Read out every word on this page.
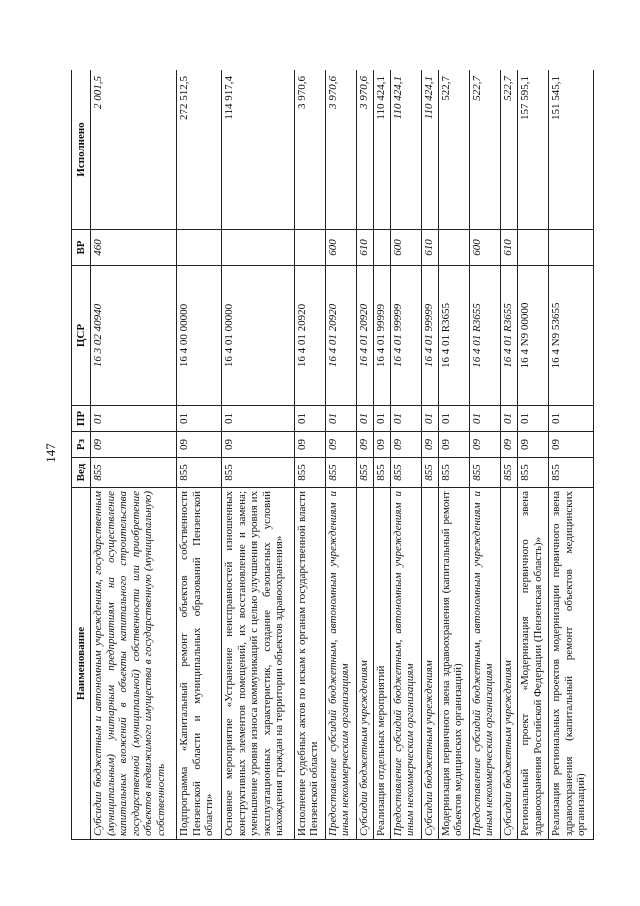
147
Наименование	Вед	Рз	ПР	ЦСР	ВР	Исполнено
Субсидии бюджетным и автономным учреждениям, государственным (муниципальным) унитарным предприятиям на осуществление капитальных вложений в объекты капитального строительства государственной (муниципальной) собственности или приобретение объектов недвижимого имущества в государственную (муниципальную) собственность	855	09	01	16 3 02 40940	460	2 001,5
Подпрограмма «Капитальный ремонт объектов собственности Пензенской области и муниципальных образований Пензенской области»	855	09	01	16 4 00 00000		272 512,5
Основное мероприятие «Устранение неисправностей изношенных конструктивных элементов помещений, их восстановление и замена; уменьшение уровня износа коммуникаций с целью улучшения уровня их эксплуатационных характеристик, создание безопасных условий нахождения граждан на территории объектов здравоохранения»	855	09	01	16 4 01 00000		114 917,4
Исполнение судебных актов по искам к органам государственной власти Пензенской области	855	09	01	16 4 01 20920		3 970,6
Предоставление субсидий бюджетным, автономным учреждениям и иным некоммерческим организациям	855	09	01	16 4 01 20920	600	3 970,6
Субсидии бюджетным учреждениям	855	09	01	16 4 01 20920	610	3 970,6
Реализация отдельных мероприятий	855	09	01	16 4 01 99999		110 424,1
Предоставление субсидий бюджетным, автономным учреждениям и иным некоммерческим организациям	855	09	01	16 4 01 99999	600	110 424,1
Субсидии бюджетным учреждениям	855	09	01	16 4 01 99999	610	110 424,1
Модернизация первичного звена здравоохранения (капитальный ремонт объектов медицинских организаций)	855	09	01	16 4 01 R3655		522,7
Предоставление субсидий бюджетным, автономным учреждениям и иным некоммерческим организациям	855	09	01	16 4 01 R3655	600	522,7
Субсидии бюджетным учреждениям	855	09	01	16 4 01 R3655	610	522,7
Региональный проект «Модернизация первичного звена здравоохранения Российской Федерации (Пензенская область)»	855	09	01	16 4 N9 00000		157 595,1
Реализация региональных проектов модернизации первичного звена здравоохранения (капитальный ремонт объектов медицинских организаций)	855	09	01	16 4 N9 53655		151 545,1
